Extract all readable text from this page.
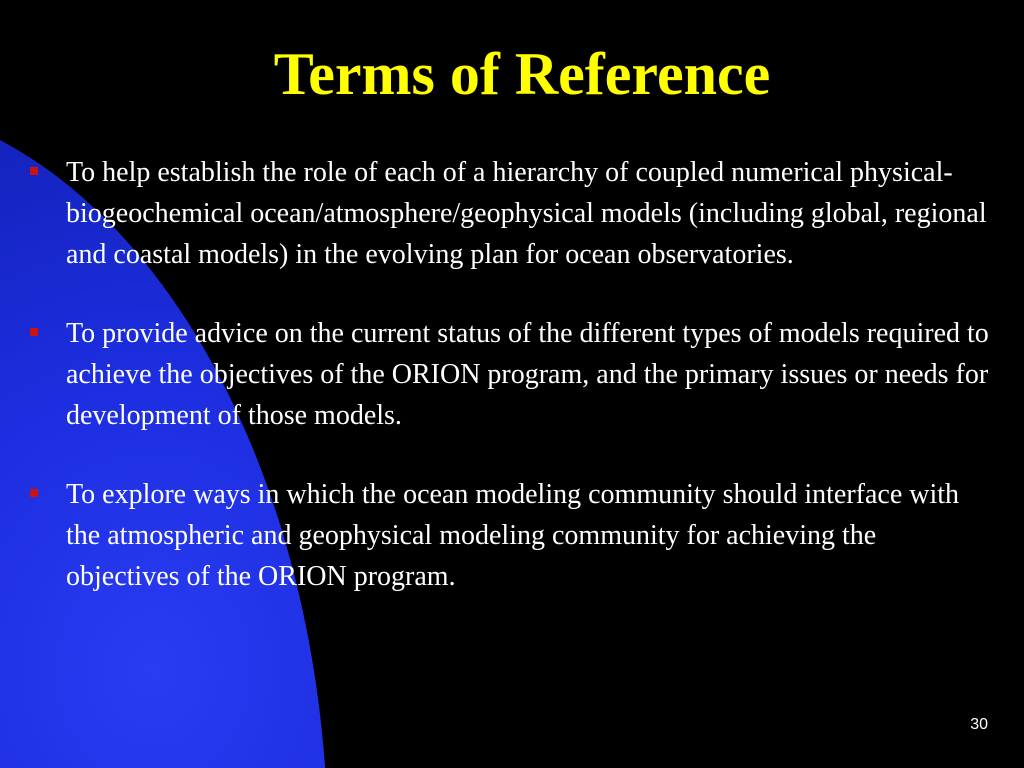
Terms of Reference
To help establish the role of each of a hierarchy of coupled numerical physical-biogeochemical ocean/atmosphere/geophysical models (including global, regional and coastal models) in the evolving plan for ocean observatories.
To provide advice on the current status of the different types of models required to achieve the objectives of the ORION program, and the primary issues or needs for development of those models.
To explore ways in which the ocean modeling community should interface with the atmospheric and geophysical modeling community for achieving the objectives of the ORION program.
30
